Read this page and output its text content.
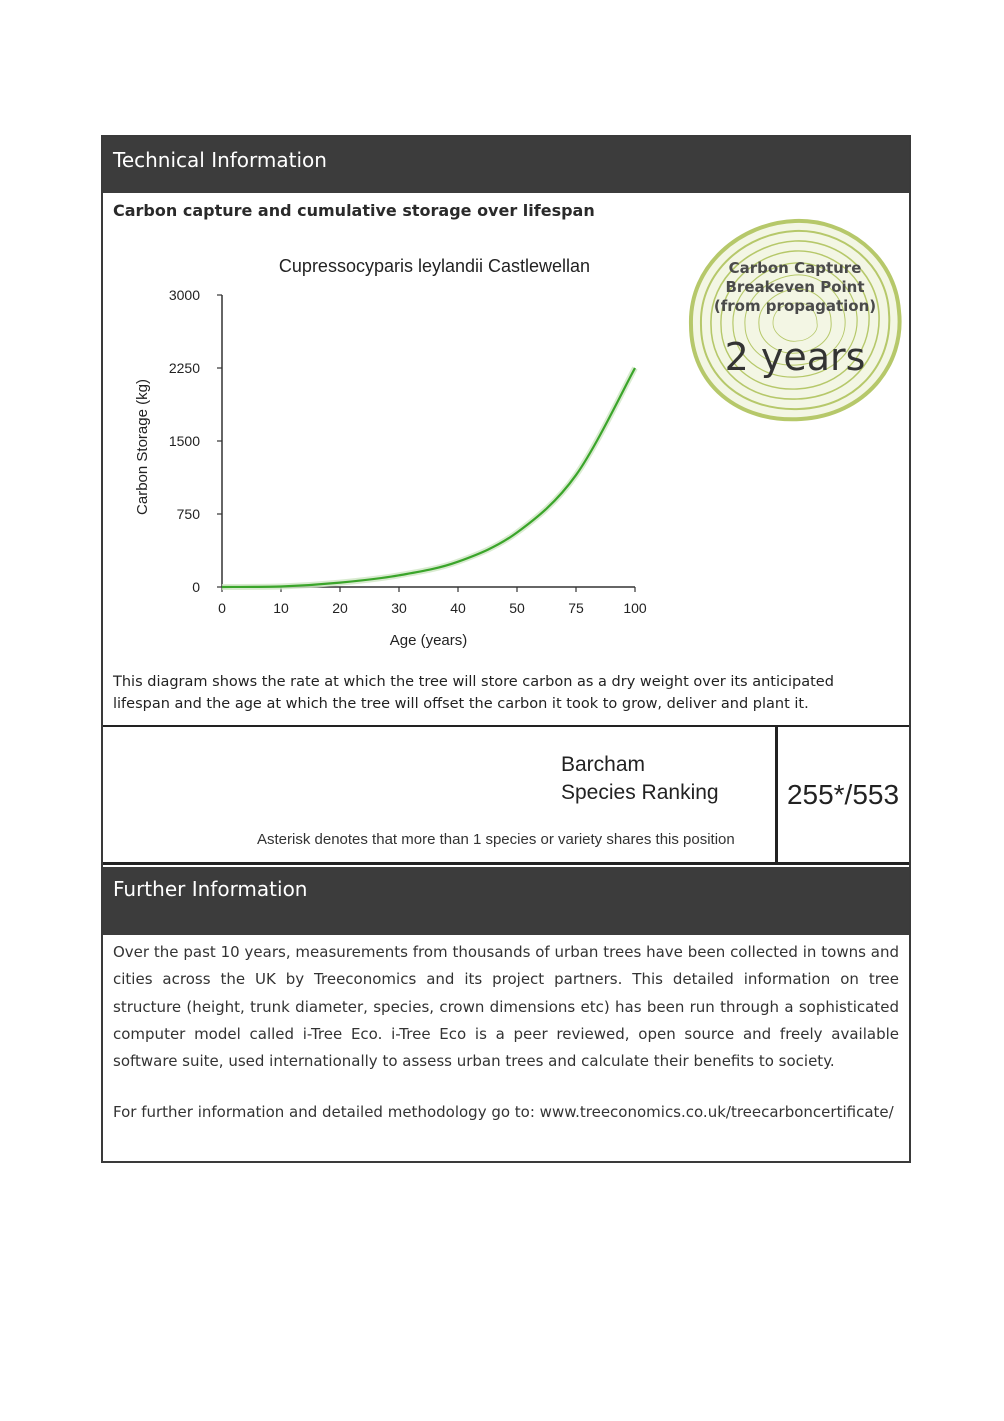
Technical Information
Carbon capture and cumulative storage over lifespan
Cupressocyparis leylandii Castlewellan
0
750
1500
2250
3000
0	10	20	30	40	50	75	100
Age (years)
Carbon Storage (kg)
Carbon Capture
Breakeven Point
(from propagation)
2 years
This diagram shows the rate at which the tree will store carbon as a dry weight over its anticipated lifespan and the age at which the tree will offset the carbon it took to grow, deliver and plant it.
Barcham
Species Ranking
Asterisk denotes that more than 1 species or variety shares this position
255*/553
Further Information
Over the past 10 years, measurements from thousands of urban trees have been collected in towns and cities across the UK by Treeconomics and its project partners. This detailed information on tree structure (height, trunk diameter, species, crown dimensions etc) has been run through a sophisticated computer model called i-Tree Eco. i-Tree Eco is a peer reviewed, open source and freely available software suite, used internationally to assess urban trees and calculate their benefits to society.
For further information and detailed methodology go to: www.treeconomics.co.uk/treecarboncertificate/
